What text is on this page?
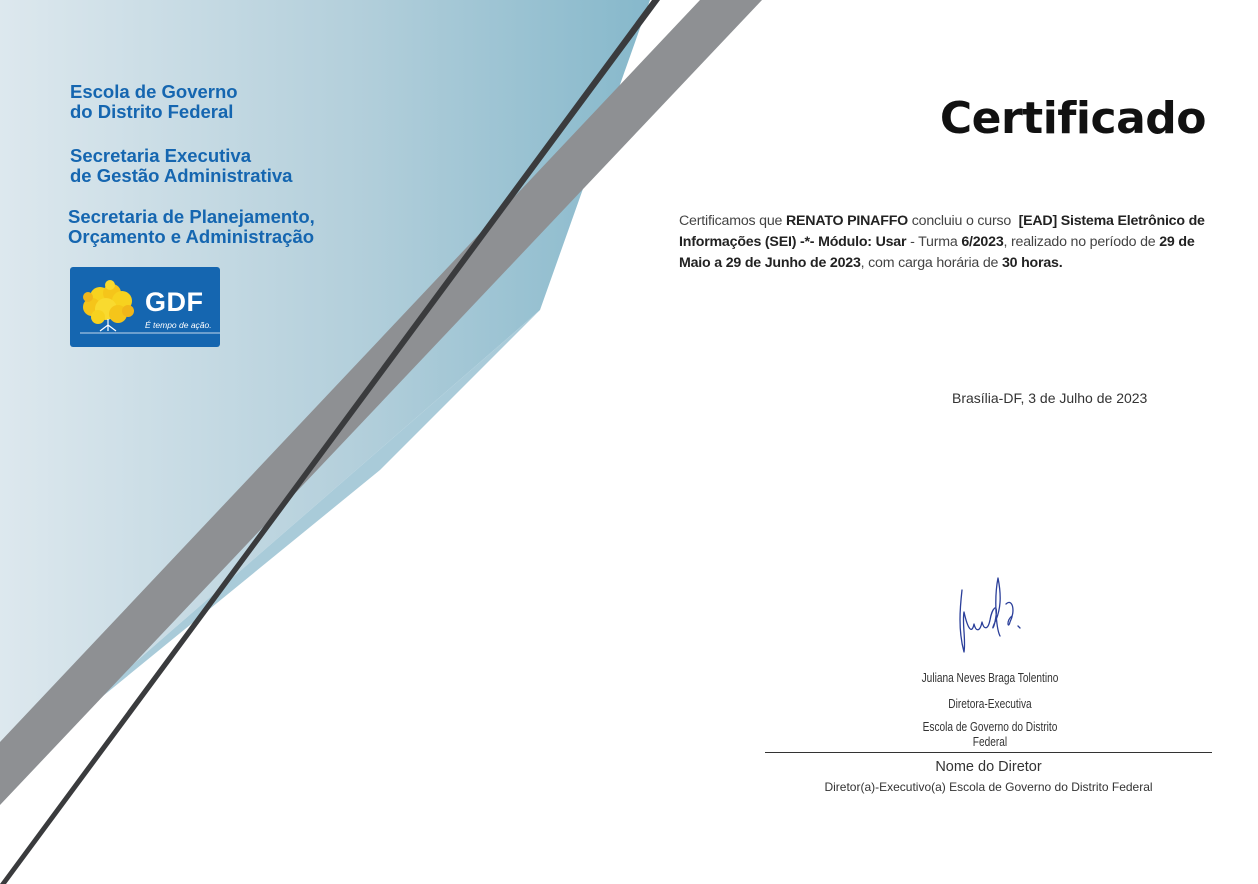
Escola de Governo
do Distrito Federal

Secretaria Executiva
de Gestão Administrativa

Secretaria de Planejamento,
Orçamento e Administração

GDF
É tempo de ação.
Certificado

Certificamos que RENATO PINAFFO concluiu o curso [EAD] Sistema Eletrônico de Informações (SEI) -*- Módulo: Usar - Turma 6/2023, realizado no período de 29 de Maio a 29 de Junho de 2023, com carga horária de 30 horas.

Brasília-DF, 3 de Julho de 2023
Juliana Neves Braga Tolentino
Diretora-Executiva
Escola de Governo do Distrito Federal
Nome do Diretor
Diretor(a)-Executivo(a) Escola de Governo do Distrito Federal
